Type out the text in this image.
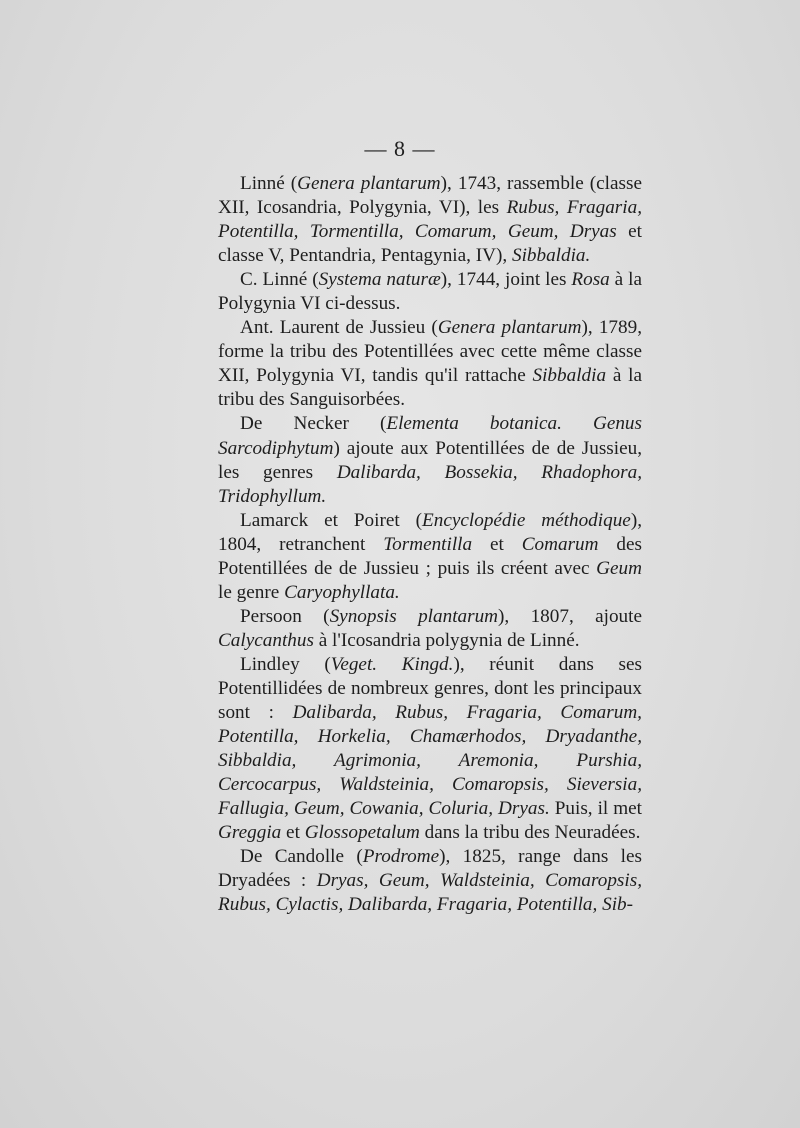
— 8 —

Linné (Genera plantarum), 1743, rassemble (classe XII, Icosandria, Polygynia, VI), les Rubus, Fragaria, Potentilla, Tormentilla, Comarum, Geum, Dryas et classe V, Pentandria, Pentagynia, IV), Sibbaldia.

C. Linné (Systema naturæ), 1744, joint les Rosa à la Polygynia VI ci-dessus.

Ant. Laurent de Jussieu (Genera plantarum), 1789, forme la tribu des Potentillées avec cette même classe XII, Polygynia VI, tandis qu'il rattache Sibbaldia à la tribu des Sanguisorbées.

De Necker (Elementa botanica. Genus Sarcodiphytum) ajoute aux Potentillées de de Jussieu, les genres Dalibarda, Bossekia, Rhadophora, Tridophyllum.

Lamarck et Poiret (Encyclopédie méthodique), 1804, retranchent Tormentilla et Comarum des Potentillées de de Jussieu ; puis ils créent avec Geum le genre Caryophyllata.

Persoon (Synopsis plantarum), 1807, ajoute Calycanthus à l'Icosandria polygynia de Linné.

Lindley (Veget. Kingd.), réunit dans ses Potentillidées de nombreux genres, dont les principaux sont : Dalibarda, Rubus, Fragaria, Comarum, Potentilla, Horkelia, Chamærhodos, Dryadanthe, Sibbaldia, Agrimonia, Aremonia, Purshia, Cercocarpus, Waldsteinia, Comaropsis, Sieversia, Fallugia, Geum, Cowania, Coluria, Dryas. Puis, il met Greggia et Glossopetalum dans la tribu des Neuradées.

De Candolle (Prodrome), 1825, range dans les Dryadées : Dryas, Geum, Waldsteinia, Comaropsis, Rubus, Cylactis, Dalibarda, Fragaria, Potentilla, Sib-
